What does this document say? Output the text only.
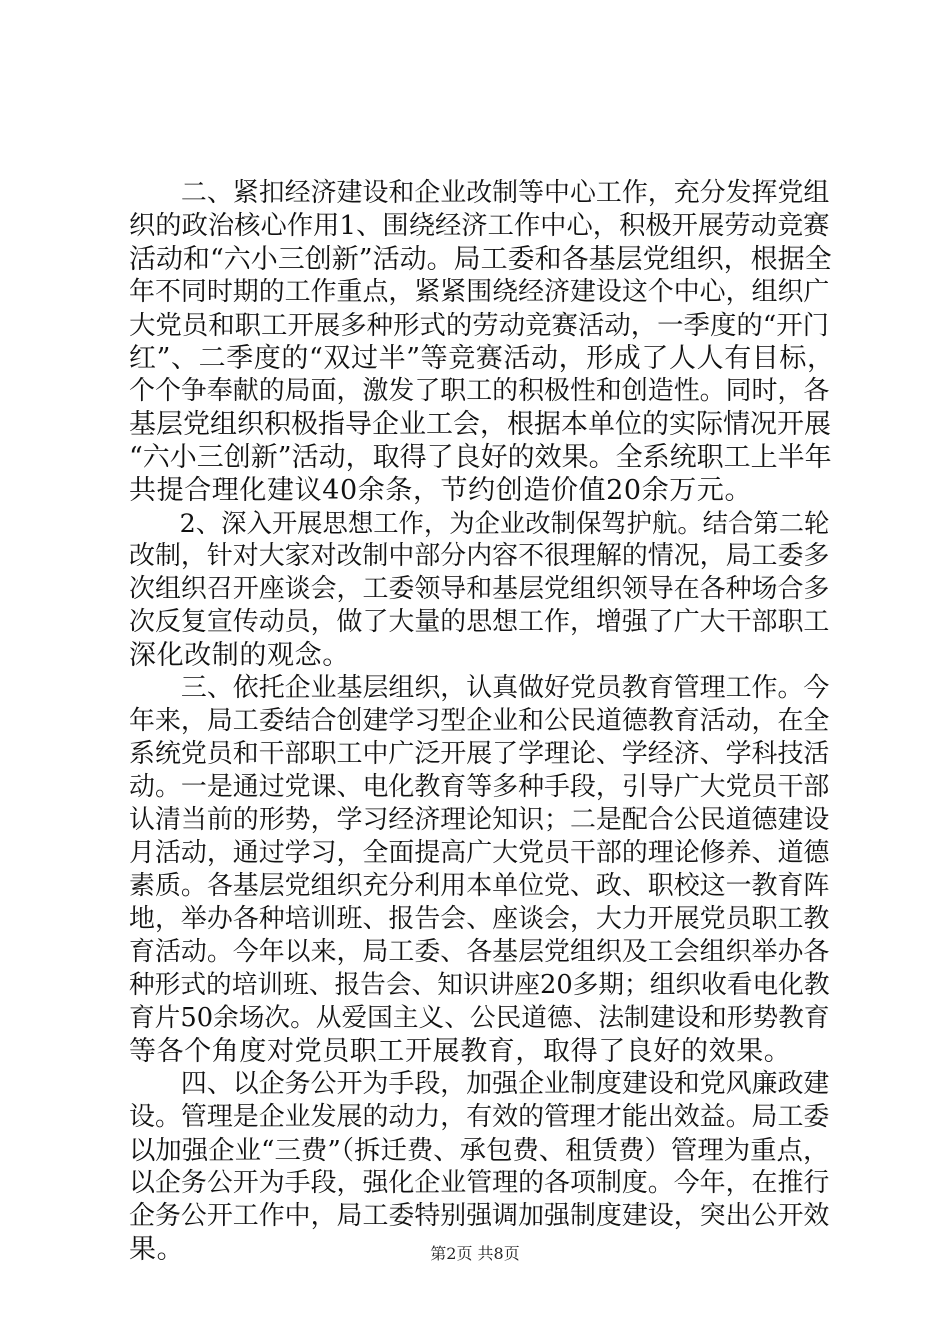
　　二、紧扣经济建设和企业改制等中心工作，充分发挥党组
织的政治核心作用1、围绕经济工作中心，积极开展劳动竞赛
活动和“六小三创新”活动。局工委和各基层党组织，根据全
年不同时期的工作重点，紧紧围绕经济建设这个中心，组织广
大党员和职工开展多种形式的劳动竞赛活动，一季度的“开门
红”、二季度的“双过半”等竞赛活动，形成了人人有目标，
个个争奉献的局面，激发了职工的积极性和创造性。同时，各
基层党组织积极指导企业工会，根据本单位的实际情况开展
“六小三创新”活动，取得了良好的效果。全系统职工上半年
共提合理化建议40余条，节约创造价值20余万元。
　　2、深入开展思想工作，为企业改制保驾护航。结合第二轮
改制，针对大家对改制中部分内容不很理解的情况，局工委多
次组织召开座谈会，工委领导和基层党组织领导在各种场合多
次反复宣传动员，做了大量的思想工作，增强了广大干部职工
深化改制的观念。
　　三、依托企业基层组织，认真做好党员教育管理工作。今
年来，局工委结合创建学习型企业和公民道德教育活动，在全
系统党员和干部职工中广泛开展了学理论、学经济、学科技活
动。一是通过党课、电化教育等多种手段，引导广大党员干部
认清当前的形势，学习经济理论知识；二是配合公民道德建设
月活动，通过学习，全面提高广大党员干部的理论修养、道德
素质。各基层党组织充分利用本单位党、政、职校这一教育阵
地，举办各种培训班、报告会、座谈会，大力开展党员职工教
育活动。今年以来，局工委、各基层党组织及工会组织举办各
种形式的培训班、报告会、知识讲座20多期；组织收看电化教
育片50余场次。从爱国主义、公民道德、法制建设和形势教育
等各个角度对党员职工开展教育，取得了良好的效果。
　　四、以企务公开为手段，加强企业制度建设和党风廉政建
设。管理是企业发展的动力，有效的管理才能出效益。局工委
以加强企业“三费”（拆迁费、承包费、租赁费）管理为重点，
以企务公开为手段，强化企业管理的各项制度。今年，在推行
企务公开工作中，局工委特别强调加强制度建设，突出公开效
果。	第2页 共8页
